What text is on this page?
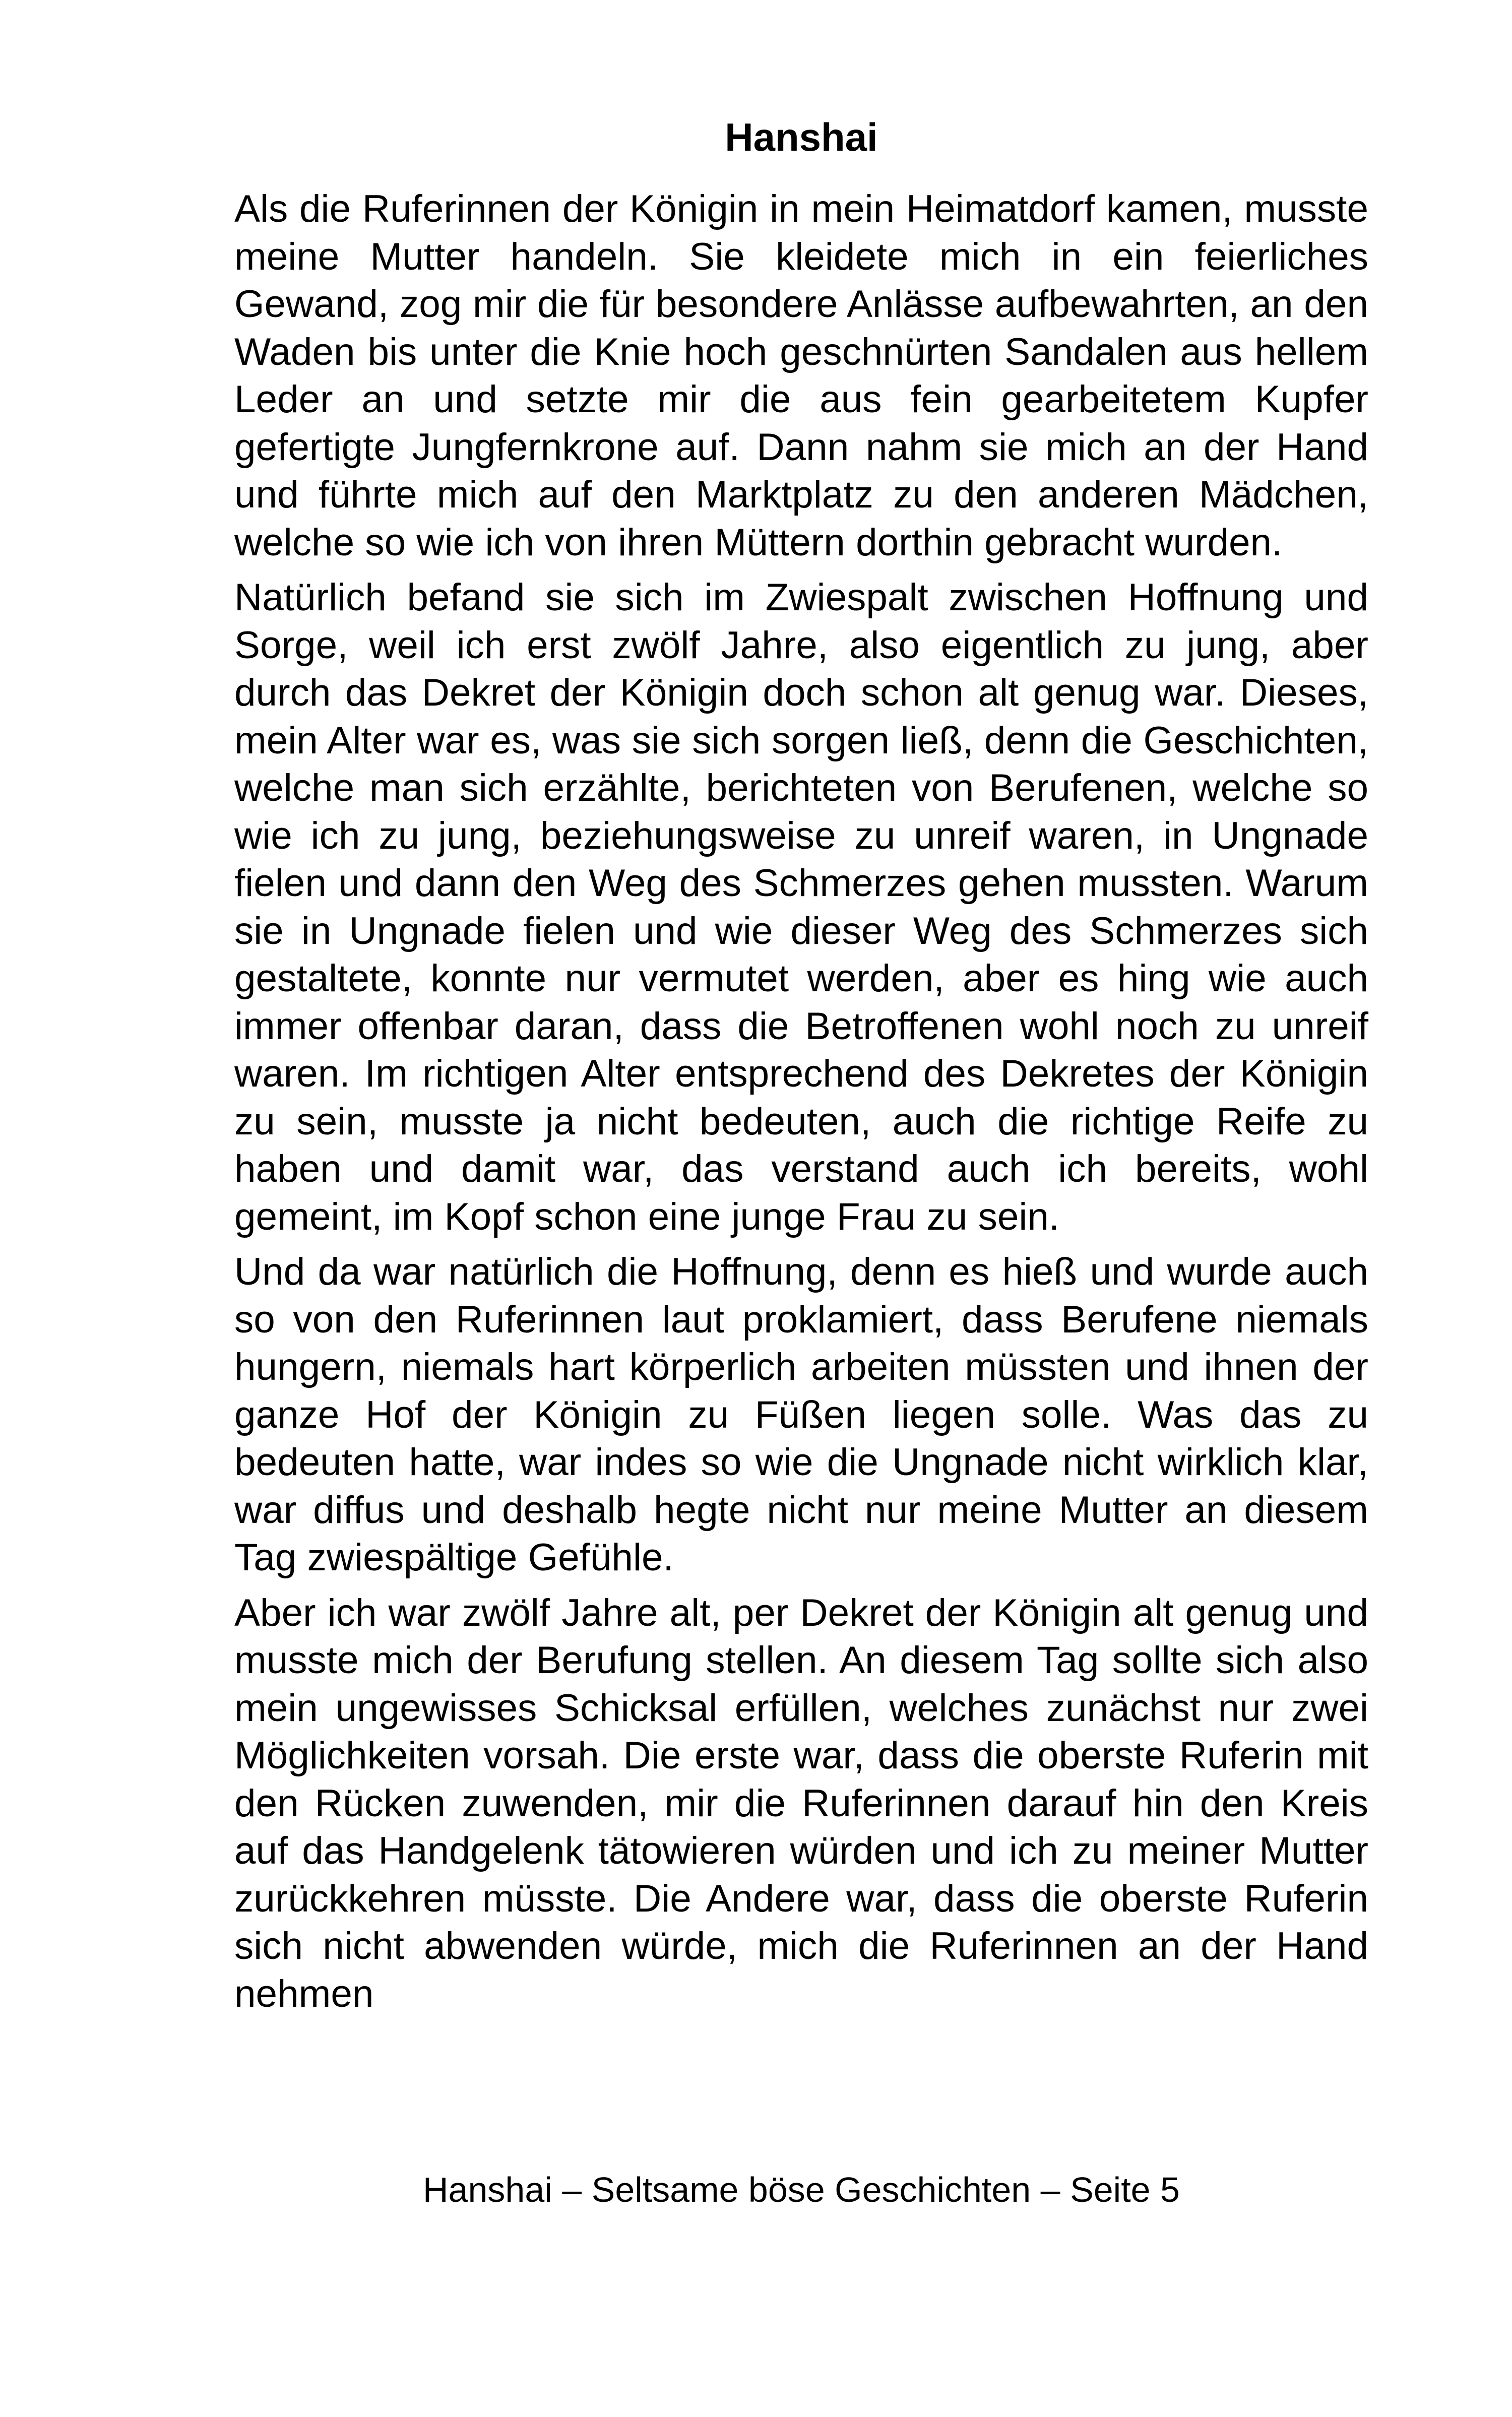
Hanshai

Als die Ruferinnen der Königin in mein Heimatdorf kamen, musste meine Mutter handeln. Sie kleidete mich in ein feierliches Gewand, zog mir die für besondere Anlässe aufbewahrten, an den Waden bis unter die Knie hoch geschnürten Sandalen aus hellem Leder an und setzte mir die aus fein gearbeitetem Kupfer gefertigte Jungfernkrone auf. Dann nahm sie mich an der Hand und führte mich auf den Marktplatz zu den anderen Mädchen, welche so wie ich von ihren Müttern dorthin gebracht wurden.

Natürlich befand sie sich im Zwiespalt zwischen Hoffnung und Sorge, weil ich erst zwölf Jahre, also eigentlich zu jung, aber durch das Dekret der Königin doch schon alt genug war. Dieses, mein Alter war es, was sie sich sorgen ließ, denn die Geschichten, welche man sich erzählte, berichteten von Berufenen, welche so wie ich zu jung, beziehungsweise zu unreif waren, in Ungnade fielen und dann den Weg des Schmerzes gehen mussten. Warum sie in Ungnade fielen und wie dieser Weg des Schmerzes sich gestaltete, konnte nur vermutet werden, aber es hing wie auch immer offenbar daran, dass die Betroffenen wohl noch zu unreif waren. Im richtigen Alter entsprechend des Dekretes der Königin zu sein, musste ja nicht bedeuten, auch die richtige Reife zu haben und damit war, das verstand auch ich bereits, wohl gemeint, im Kopf schon eine junge Frau zu sein.

Und da war natürlich die Hoffnung, denn es hieß und wurde auch so von den Ruferinnen laut proklamiert, dass Berufene niemals hungern, niemals hart körperlich arbeiten müssten und ihnen der ganze Hof der Königin zu Füßen liegen solle. Was das zu bedeuten hatte, war indes so wie die Ungnade nicht wirklich klar, war diffus und deshalb hegte nicht nur meine Mutter an diesem Tag zwiespältige Gefühle.

Aber ich war zwölf Jahre alt, per Dekret der Königin alt genug und musste mich der Berufung stellen. An diesem Tag sollte sich also mein ungewisses Schicksal erfüllen, welches zunächst nur zwei Möglichkeiten vorsah. Die erste war, dass die oberste Ruferin mit den Rücken zuwenden, mir die Ruferinnen darauf hin den Kreis auf das Handgelenk tätowieren würden und ich zu meiner Mutter zurückkehren müsste. Die Andere war, dass die oberste Ruferin sich nicht abwenden würde, mich die Ruferinnen an der Hand nehmen

Hanshai – Seltsame böse Geschichten – Seite 5
